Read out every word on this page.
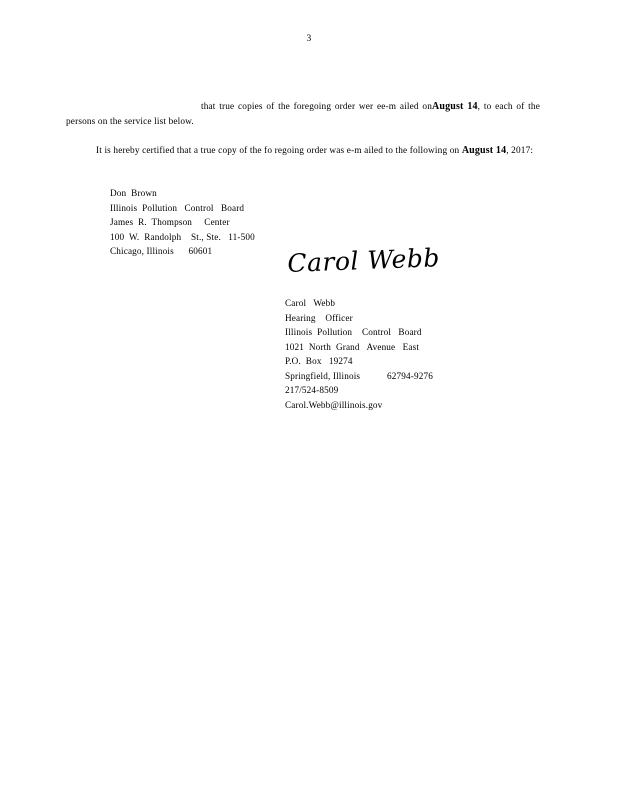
3

that true copies of the foregoing order wer ee-m ailed onAugust 14, to each of the persons on the service list below.

It is hereby certified that a true copy of the fo regoing order was e-m ailed to the following on August 14, 2017:

Don  Brown
Illinois  Pollution   Control   Board
James  R.  Thompson     Center
100  W.  Randolph    St., Ste.   11-500
Chicago, Illinois      60601	Carol Webb
Carol   Webb
Hearing    Officer
Illinois  Pollution    Control   Board
1021  North  Grand   Avenue   East
P.O.  Box   19274
Springfield, Illinois           62794-9276
217/524-8509
Carol.Webb@illinois.gov
